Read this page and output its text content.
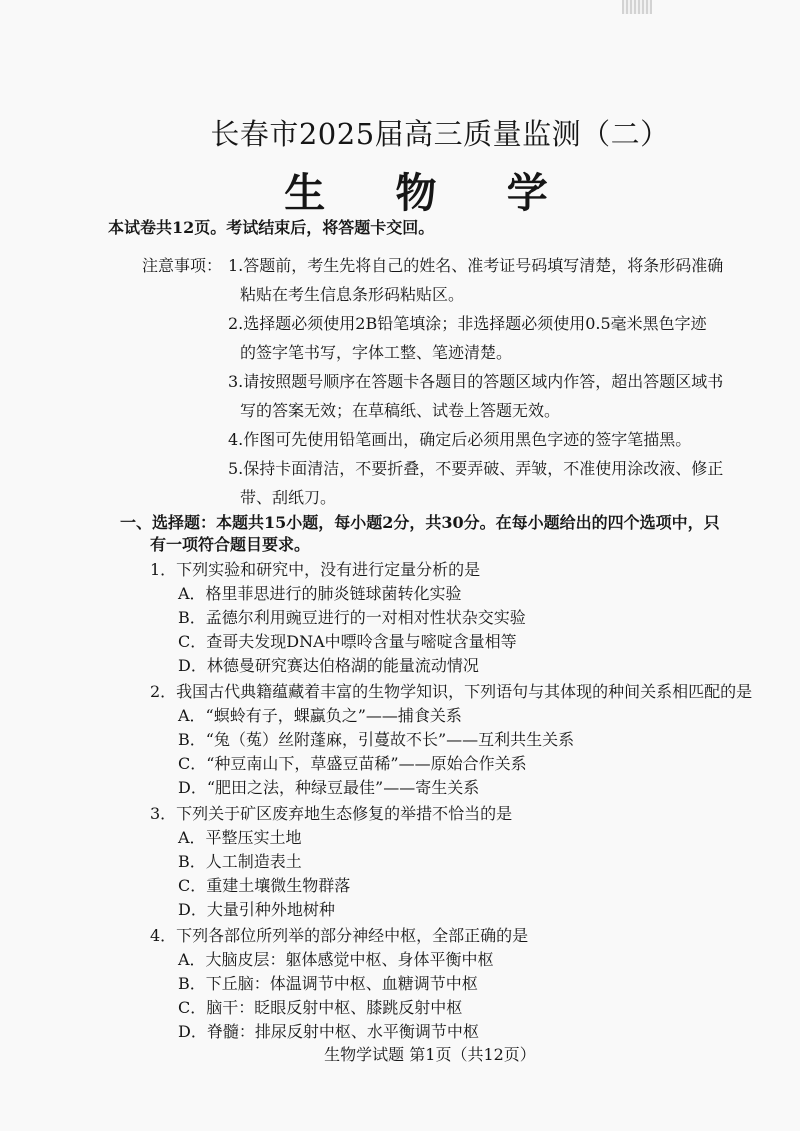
长春市2025届高三质量监测（二）
生 物 学
本试卷共12页。考试结束后，将答题卡交回。
注意事项： 1.答题前，考生先将自己的姓名、准考证号码填写清楚，将条形码准确
粘贴在考生信息条形码粘贴区。
2.选择题必须使用2B铅笔填涂；非选择题必须使用0.5毫米黑色字迹
的签字笔书写，字体工整、笔迹清楚。
3.请按照题号顺序在答题卡各题目的答题区域内作答，超出答题区域书
写的答案无效；在草稿纸、试卷上答题无效。
4.作图可先使用铅笔画出，确定后必须用黑色字迹的签字笔描黑。
5.保持卡面清洁，不要折叠，不要弄破、弄皱，不准使用涂改液、修正
带、刮纸刀。
一、选择题：本题共15小题，每小题2分，共30分。在每小题给出的四个选项中，只
有一项符合题目要求。
1．下列实验和研究中，没有进行定量分析的是
A．格里菲思进行的肺炎链球菌转化实验
B．孟德尔利用豌豆进行的一对相对性状杂交实验
C．查哥夫发现DNA中嘌呤含量与嘧啶含量相等
D．林德曼研究赛达伯格湖的能量流动情况
2．我国古代典籍蕴藏着丰富的生物学知识，下列语句与其体现的种间关系相匹配的是
A．“螟蛉有子，蜾蠃负之”——捕食关系
B．“兔（菟）丝附蓬麻，引蔓故不长”——互利共生关系
C．“种豆南山下，草盛豆苗稀”——原始合作关系
D．“肥田之法，种绿豆最佳”——寄生关系
3．下列关于矿区废弃地生态修复的举措不恰当的是
A．平整压实土地
B．人工制造表土
C．重建土壤微生物群落
D．大量引种外地树种
4．下列各部位所列举的部分神经中枢，全部正确的是
A．大脑皮层：躯体感觉中枢、身体平衡中枢
B．下丘脑：体温调节中枢、血糖调节中枢
C．脑干：眨眼反射中枢、膝跳反射中枢
D．脊髓：排尿反射中枢、水平衡调节中枢
生物学试题 第1页（共12页）
